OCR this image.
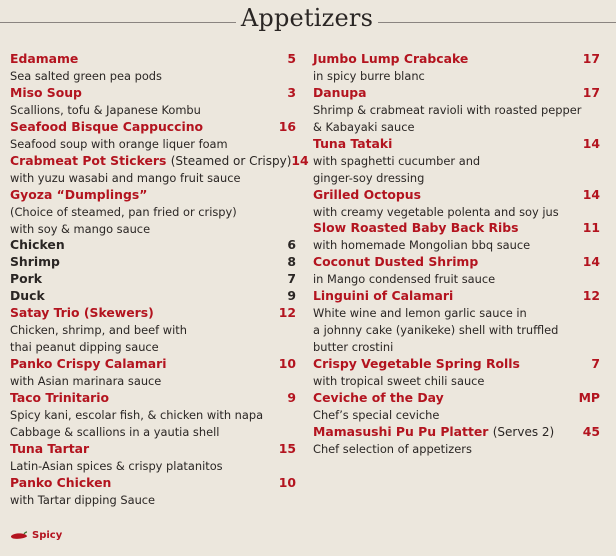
Appetizers
Edamame	5
Sea salted green pea pods
Miso Soup	3
Scallions, tofu & Japanese Kombu
Seafood Bisque Cappuccino	16
Seafood soup with orange liquer foam
Crabmeat Pot Stickers (Steamed or Crispy) 14
with yuzu wasabi and mango fruit sauce
Gyoza “Dumplings”
(Choice of steamed, pan fried or crispy)
with soy & mango sauce
Chicken	6
Shrimp	8
Pork	7
Duck	9
Satay Trio (Skewers)	12
Chicken, shrimp, and beef with
thai peanut dipping sauce
Panko Crispy Calamari	10
with Asian marinara sauce
Taco Trinitario	9
Spicy kani, escolar fish, & chicken with napa
Cabbage & scallions in a yautia shell
Tuna Tartar	15
Latin-Asian spices & crispy platanitos
Panko Chicken	10
with Tartar dipping Sauce
Jumbo Lump Crabcake	17
in spicy burre blanc
Danupa	17
Shrimp & crabmeat ravioli with roasted pepper
& Kabayaki sauce
Tuna Tataki	14
with spaghetti cucumber and
ginger-soy dressing
Grilled Octopus	14
with creamy vegetable polenta and soy jus
Slow Roasted Baby Back Ribs	11
with homemade Mongolian bbq sauce
Coconut Dusted Shrimp	14
in Mango condensed fruit sauce
Linguini of Calamari	12
White wine and lemon garlic sauce in
a johnny cake (yanikeke) shell with truffled
butter crostini
Crispy Vegetable Spring Rolls	7
with tropical sweet chili sauce
Ceviche of the Day	MP
Chef’s special ceviche
Mamasushi Pu Pu Platter (Serves 2) 45
Chef selection of appetizers
Spicy
